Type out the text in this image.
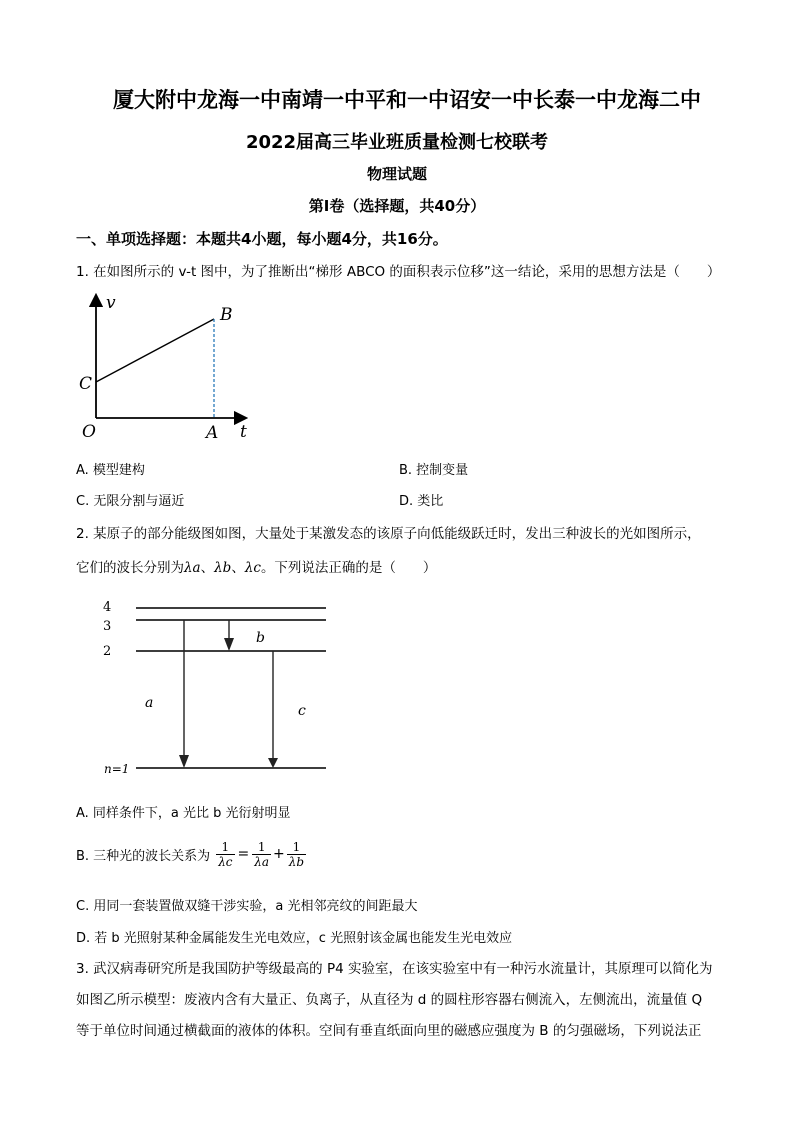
厦大附中龙海一中南靖一中平和一中诏安一中长泰一中龙海二中
2022届高三毕业班质量检测七校联考
物理试题
第Ⅰ卷（选择题，共40分）
一、单项选择题：本题共4小题，每小题4分，共16分。
1. 在如图所示的 v-t 图中，为了推断出“梯形 ABCO 的面积表示位移”这一结论，采用的思想方法是（　　）
v
B
C
O	A t
A. 模型建构	B. 控制变量
C. 无限分割与逼近	D. 类比
2. 某原子的部分能级图如图，大量处于某激发态的该原子向低能级跃迁时，发出三种波长的光如图所示，
它们的波长分别为λa、λb、λc。下列说法正确的是（　　）
4
3
2
n=1
a
b
c
A. 同样条件下，a 光比 b 光衍射明显
B. 三种光的波长关系为 $\frac{1}{\lambda c} = \frac{1}{\lambda a} + \frac{1}{\lambda b}$
C. 用同一套装置做双缝干涉实验，a 光相邻亮纹的间距最大
D. 若 b 光照射某种金属能发生光电效应，c 光照射该金属也能发生光电效应
3. 武汉病毒研究所是我国防护等级最高的 P4 实验室，在该实验室中有一种污水流量计，其原理可以简化为
如图乙所示模型：废液内含有大量正、负离子，从直径为 d 的圆柱形容器右侧流入，左侧流出，流量值 Q
等于单位时间通过横截面的液体的体积。空间有垂直纸面向里的磁感应强度为 B 的匀强磁场，下列说法正
